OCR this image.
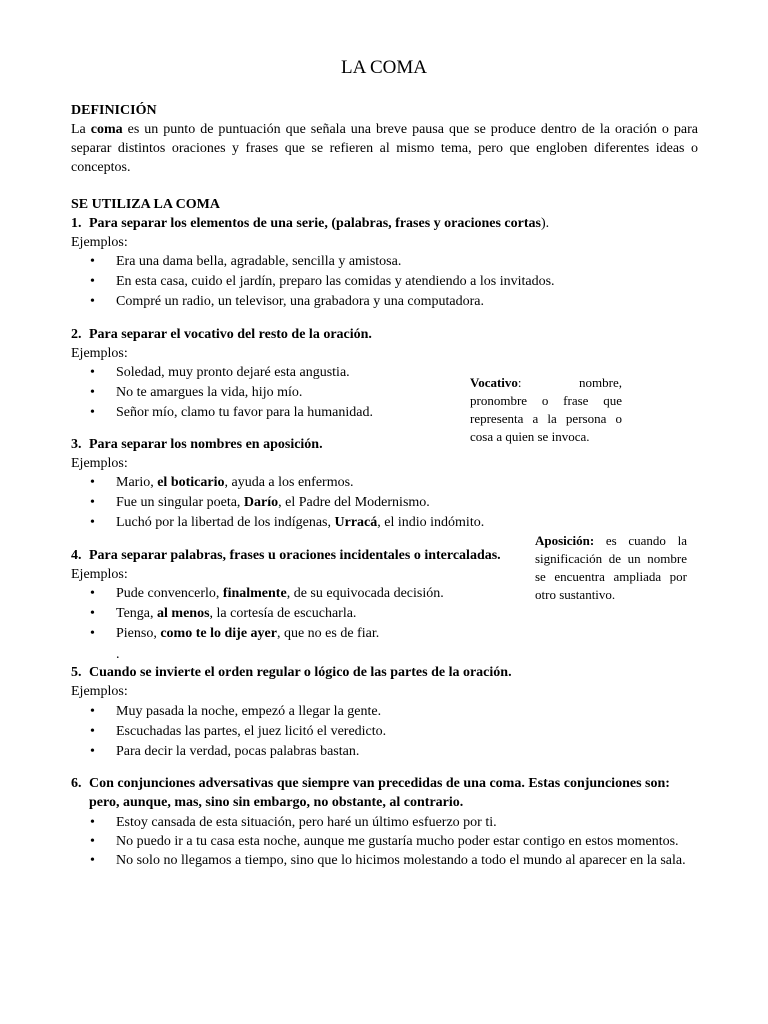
LA COMA
DEFINICIÓN
La coma es un punto de puntuación que señala una breve pausa que se produce dentro de la oración o para separar distintos oraciones y frases que se refieren al mismo tema, pero que engloben diferentes ideas o conceptos.
SE UTILIZA LA COMA
1. Para separar los elementos de una serie, (palabras, frases y oraciones cortas).
Ejemplos:
• Era una dama bella, agradable, sencilla y amistosa.
• En esta casa, cuido el jardín, preparo las comidas y atendiendo a los invitados.
• Compré un radio, un televisor, una grabadora y una computadora.
2. Para separar el vocativo del resto de la oración.
Ejemplos:
• Soledad, muy pronto dejaré esta angustia.
• No te amargues la vida, hijo mío.
• Señor mío, clamo tu favor para la humanidad.
Vocativo: nombre, pronombre o frase que representa a la persona o cosa a quien se invoca.
3. Para separar los nombres en aposición.
Ejemplos:
• Mario, el boticario, ayuda a los enfermos.
• Fue un singular poeta, Darío, el Padre del Modernismo.
• Luchó por la libertad de los indígenas, Urracá, el indio indómito.
4. Para separar palabras, frases u oraciones incidentales o intercaladas.
Ejemplos:
• Pude convencerlo, finalmente, de su equivocada decisión.
• Tenga, al menos, la cortesía de escucharla.
• Pienso, como te lo dije ayer, que no es de fiar.
.
Aposición: es cuando la significación de un nombre se encuentra ampliada por otro sustantivo.
5. Cuando se invierte el orden regular o lógico de las partes de la oración.
Ejemplos:
• Muy pasada la noche, empezó a llegar la gente.
• Escuchadas las partes, el juez licitó el veredicto.
• Para decir la verdad, pocas palabras bastan.
6. Con conjunciones adversativas que siempre van precedidas de una coma. Estas conjunciones son: pero, aunque, mas, sino sin embargo, no obstante, al contrario.
• Estoy cansada de esta situación, pero haré un último esfuerzo por ti.
• No puedo ir a tu casa esta noche, aunque me gustaría mucho poder estar contigo en estos momentos.
• No solo no llegamos a tiempo, sino que lo hicimos molestando a todo el mundo al aparecer en la sala.
